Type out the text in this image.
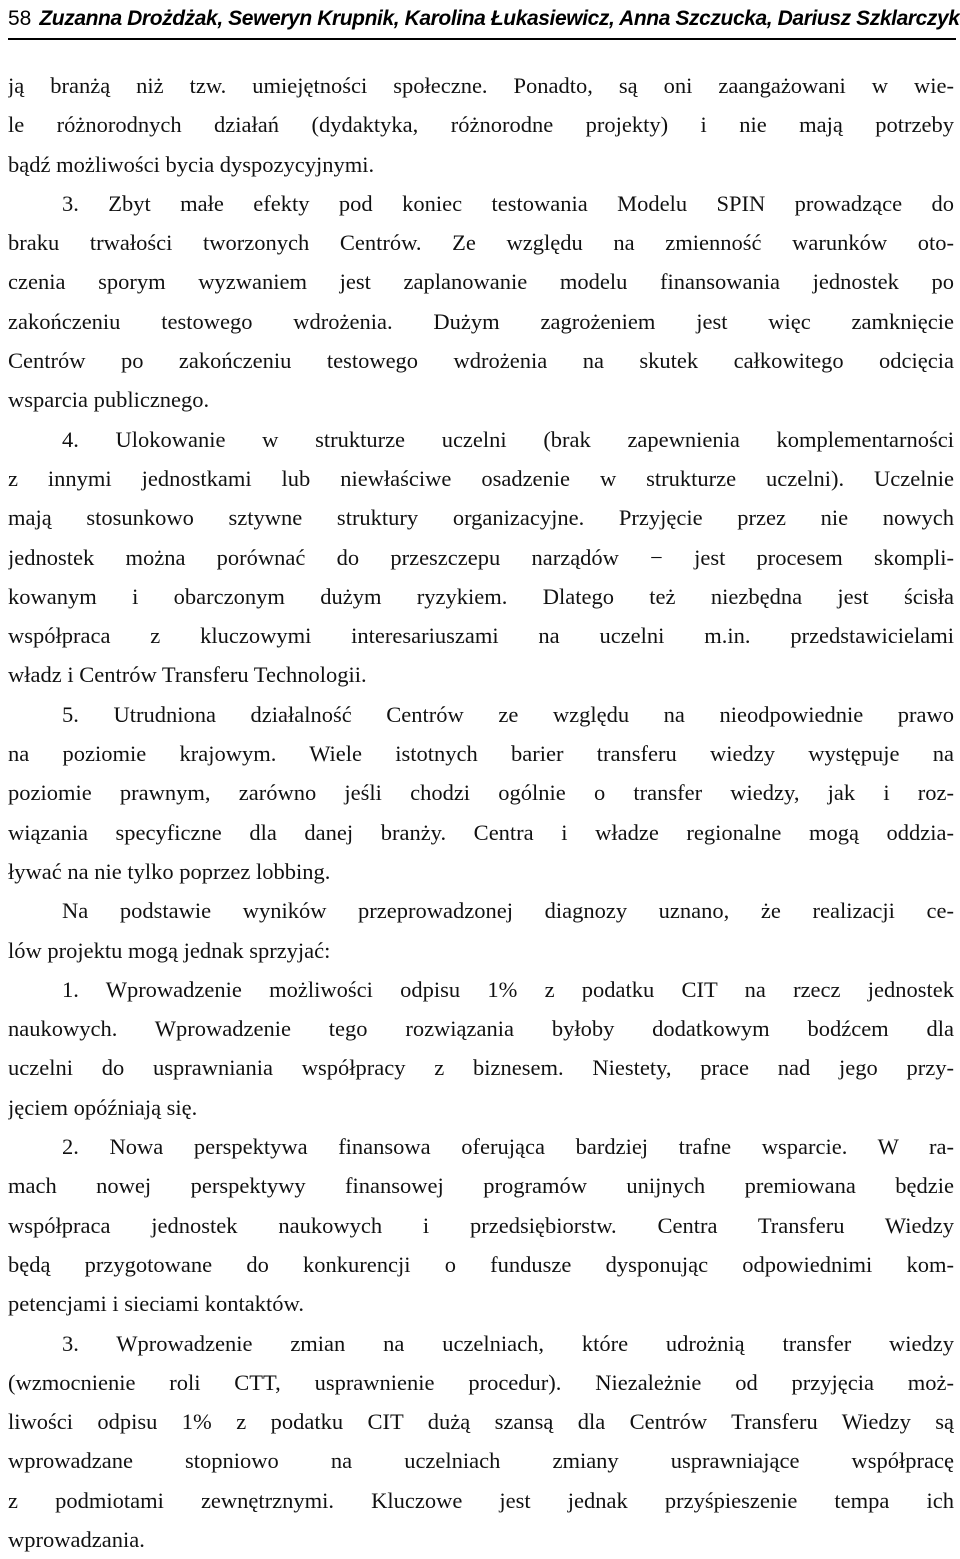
58 Zuzanna Drożdżak, Seweryn Krupnik, Karolina Łukasiewicz, Anna Szczucka, Dariusz Szklarczyk
ją branżą niż tzw. umiejętności społeczne. Ponadto, są oni zaangażowani w wie-
le różnorodnych działań (dydaktyka, różnorodne projekty) i nie mają potrzeby
bądź możliwości bycia dyspozycyjnymi.
3. Zbyt małe efekty pod koniec testowania Modelu SPIN prowadzące do
braku trwałości tworzonych Centrów. Ze względu na zmienność warunków oto-
czenia sporym wyzwaniem jest zaplanowanie modelu finansowania jednostek po
zakończeniu testowego wdrożenia. Dużym zagrożeniem jest więc zamknięcie
Centrów po zakończeniu testowego wdrożenia na skutek całkowitego odcięcia
wsparcia publicznego.
4. Ulokowanie w strukturze uczelni (brak zapewnienia komplementarności
z innymi jednostkami lub niewłaściwe osadzenie w strukturze uczelni). Uczelnie
mają stosunkowo sztywne struktury organizacyjne. Przyjęcie przez nie nowych
jednostek można porównać do przeszczepu narządów − jest procesem skompli-
kowanym i obarczonym dużym ryzykiem. Dlatego też niezbędna jest ścisła
współpraca z kluczowymi interesariuszami na uczelni m.in. przedstawicielami
władz i Centrów Transferu Technologii.
5. Utrudniona działalność Centrów ze względu na nieodpowiednie prawo
na poziomie krajowym. Wiele istotnych barier transferu wiedzy występuje na
poziomie prawnym, zarówno jeśli chodzi ogólnie o transfer wiedzy, jak i roz-
wiązania specyficzne dla danej branży. Centra i władze regionalne mogą oddzia-
ływać na nie tylko poprzez lobbing.
Na podstawie wyników przeprowadzonej diagnozy uznano, że realizacji ce-
lów projektu mogą jednak sprzyjać:
1. Wprowadzenie możliwości odpisu 1% z podatku CIT na rzecz jednostek
naukowych. Wprowadzenie tego rozwiązania byłoby dodatkowym bodźcem dla
uczelni do usprawniania współpracy z biznesem. Niestety, prace nad jego przy-
jęciem opóźniają się.
2. Nowa perspektywa finansowa oferująca bardziej trafne wsparcie. W ra-
mach nowej perspektywy finansowej programów unijnych premiowana będzie
współpraca jednostek naukowych i przedsiębiorstw. Centra Transferu Wiedzy
będą przygotowane do konkurencji o fundusze dysponując odpowiednimi kom-
petencjami i sieciami kontaktów.
3. Wprowadzenie zmian na uczelniach, które udrożnią transfer wiedzy
(wzmocnienie roli CTT, usprawnienie procedur). Niezależnie od przyjęcia moż-
liwości odpisu 1% z podatku CIT dużą szansą dla Centrów Transferu Wiedzy są
wprowadzane stopniowo na uczelniach zmiany usprawniające współpracę
z podmiotami zewnętrznymi. Kluczowe jest jednak przyśpieszenie tempa ich
wprowadzania.
